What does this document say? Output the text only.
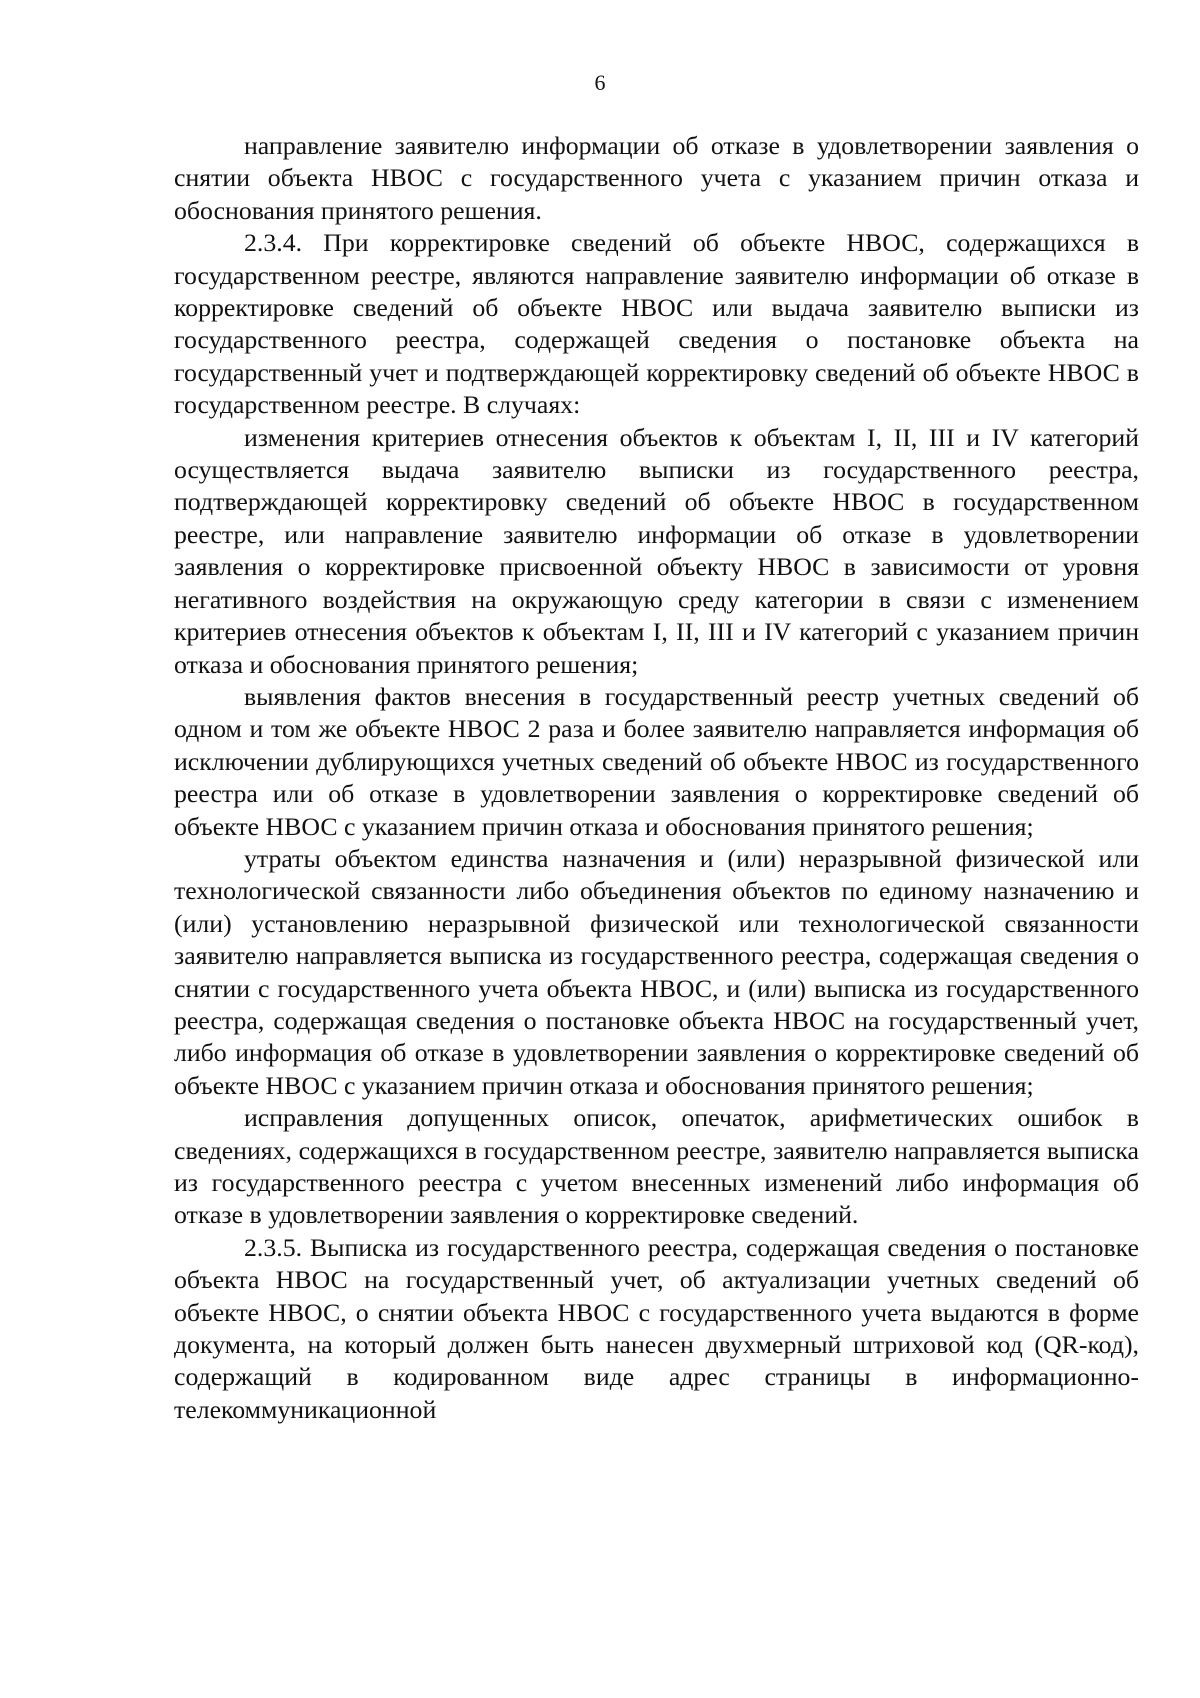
6

направление заявителю информации об отказе в удовлетворении заявления о снятии объекта НВОС с государственного учета с указанием причин отказа и обоснования принятого решения.

2.3.4. При корректировке сведений об объекте НВОС, содержащихся в государственном реестре, являются направление заявителю информации об отказе в корректировке сведений об объекте НВОС или выдача заявителю выписки из государственного реестра, содержащей сведения о постановке объекта на государственный учет и подтверждающей корректировку сведений об объекте НВОС в государственном реестре. В случаях:

изменения критериев отнесения объектов к объектам I, II, III и IV категорий осуществляется выдача заявителю выписки из государственного реестра, подтверждающей корректировку сведений об объекте НВОС в государственном реестре, или направление заявителю информации об отказе в удовлетворении заявления о корректировке присвоенной объекту НВОС в зависимости от уровня негативного воздействия на окружающую среду категории в связи с изменением критериев отнесения объектов к объектам I, II, III и IV категорий с указанием причин отказа и обоснования принятого решения;

выявления фактов внесения в государственный реестр учетных сведений об одном и том же объекте НВОС 2 раза и более заявителю направляется информация об исключении дублирующихся учетных сведений об объекте НВОС из государственного реестра или об отказе в удовлетворении заявления о корректировке сведений об объекте НВОС с указанием причин отказа и обоснования принятого решения;

утраты объектом единства назначения и (или) неразрывной физической или технологической связанности либо объединения объектов по единому назначению и (или) установлению неразрывной физической или технологической связанности заявителю направляется выписка из государственного реестра, содержащая сведения о снятии с государственного учета объекта НВОС, и (или) выписка из государственного реестра, содержащая сведения о постановке объекта НВОС на государственный учет, либо информация об отказе в удовлетворении заявления о корректировке сведений об объекте НВОС с указанием причин отказа и обоснования принятого решения;

исправления допущенных описок, опечаток, арифметических ошибок в сведениях, содержащихся в государственном реестре, заявителю направляется выписка из государственного реестра с учетом внесенных изменений либо информация об отказе в удовлетворении заявления о корректировке сведений.

2.3.5. Выписка из государственного реестра, содержащая сведения о постановке объекта НВОС на государственный учет, об актуализации учетных сведений об объекте НВОС, о снятии объекта НВОС с государственного учета выдаются в форме документа, на который должен быть нанесен двухмерный штриховой код (QR-код), содержащий в кодированном виде адрес страницы в информационно-телекоммуникационной
